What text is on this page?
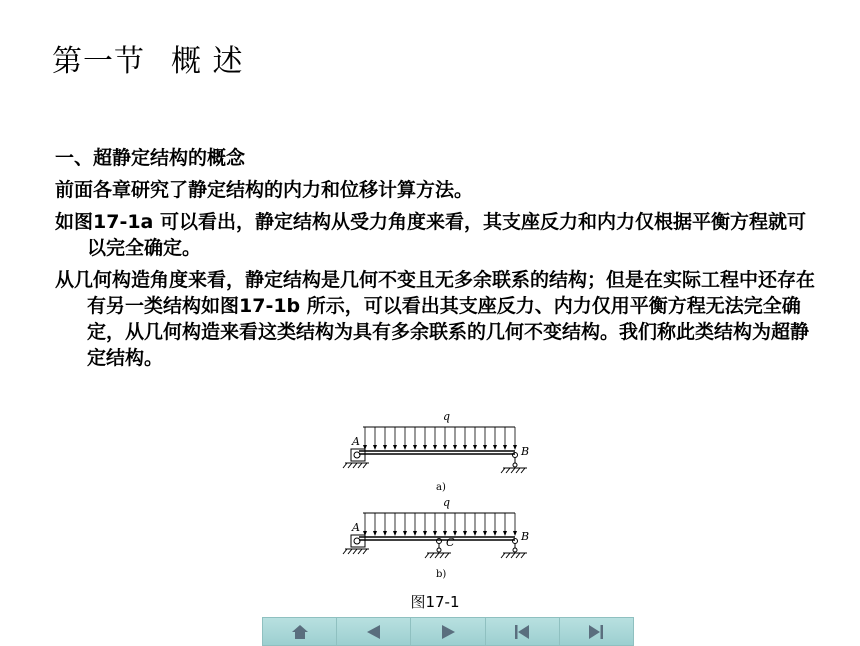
第一节 概 述

一、超静定结构的概念

前面各章研究了静定结构的内力和位移计算方法。

如图17-1a 可以看出，静定结构从受力角度来看，其支座反力和内力仅根据平衡方程就可以完全确定。

从几何构造角度来看，静定结构是几何不变且无多余联系的结构；但是在实际工程中还存在有另一类结构如图17-1b 所示，可以看出其支座反力、内力仅用平衡方程无法完全确定，从几何构造来看这类结构为具有多余联系的几何不变结构。我们称此类结构为超静定结构。

q
A
B
a)
q
A
B
C
b)
图17-1
